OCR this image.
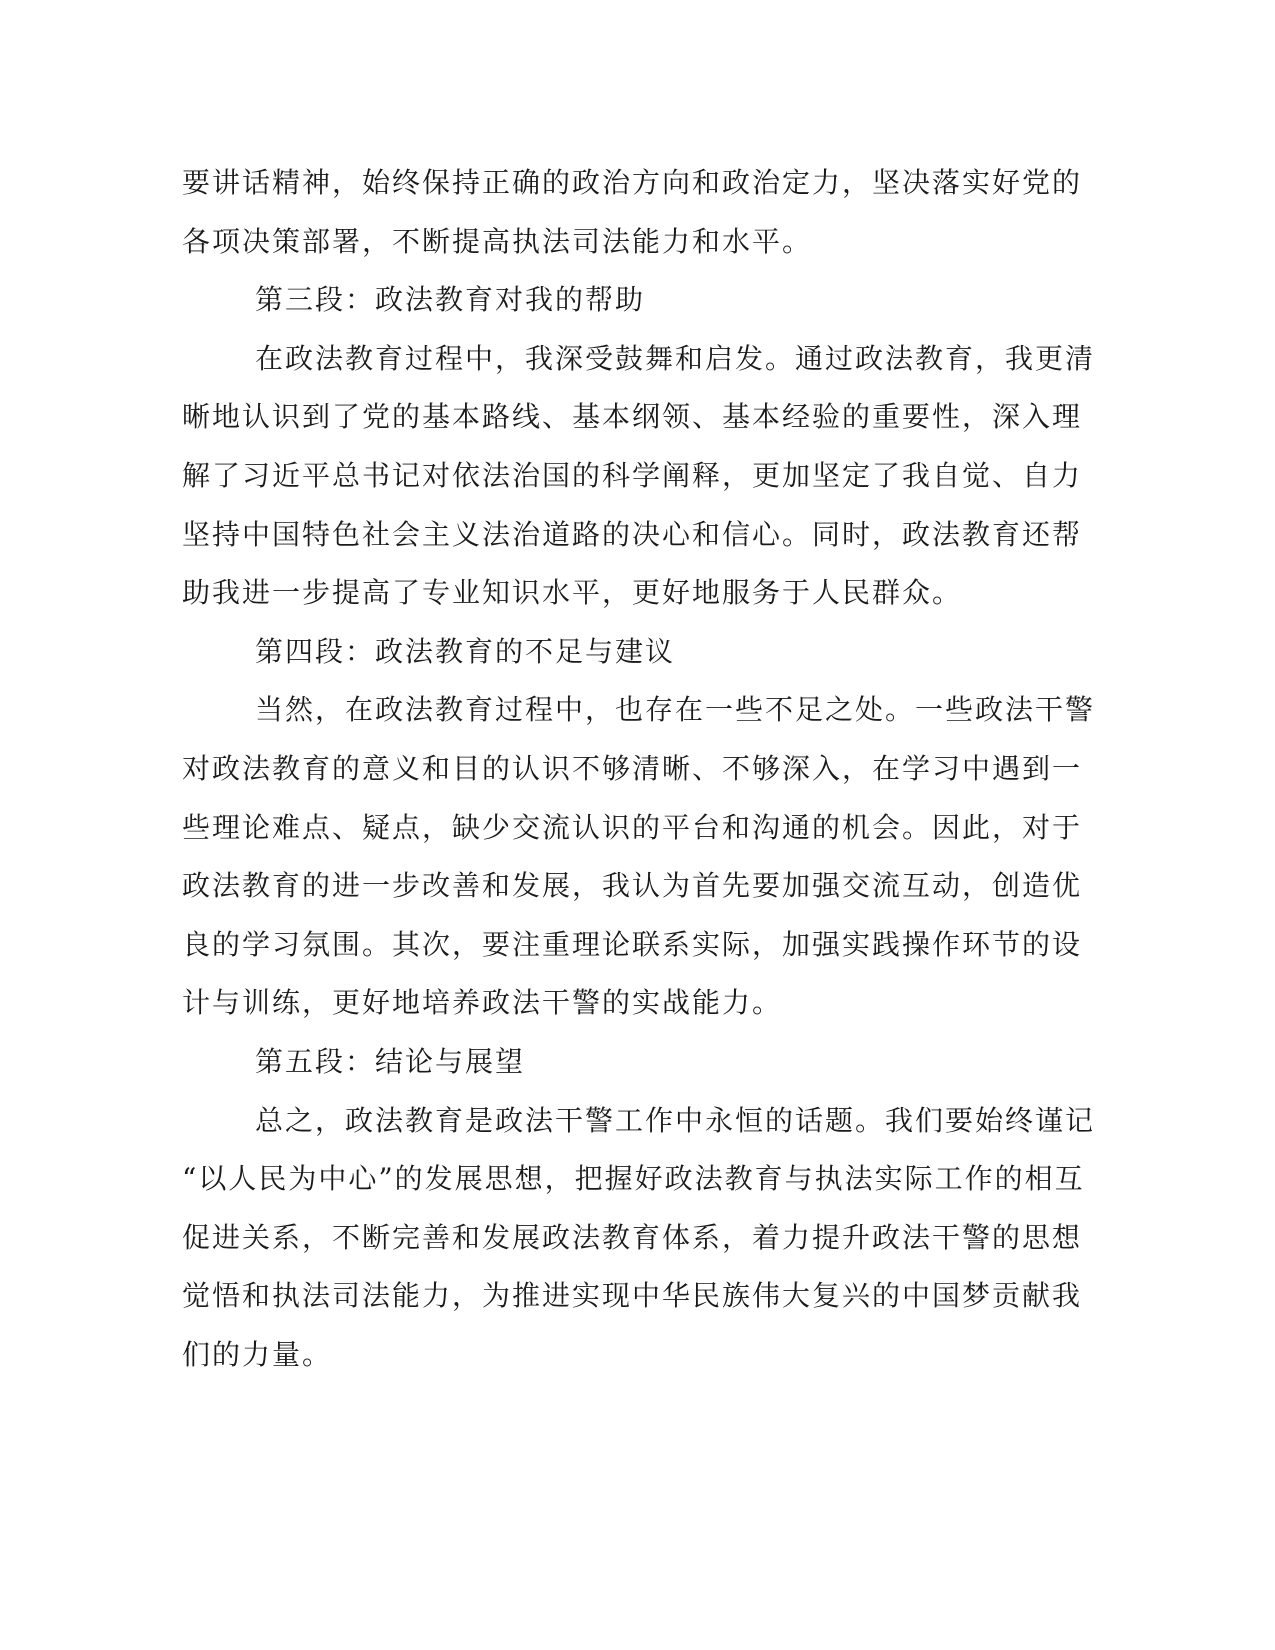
要讲话精神，始终保持正确的政治方向和政治定力，坚决落实好党的
各项决策部署，不断提高执法司法能力和水平。
第三段：政法教育对我的帮助
在政法教育过程中，我深受鼓舞和启发。通过政法教育，我更清
晰地认识到了党的基本路线、基本纲领、基本经验的重要性，深入理
解了习近平总书记对依法治国的科学阐释，更加坚定了我自觉、自力
坚持中国特色社会主义法治道路的决心和信心。同时，政法教育还帮
助我进一步提高了专业知识水平，更好地服务于人民群众。
第四段：政法教育的不足与建议
当然，在政法教育过程中，也存在一些不足之处。一些政法干警
对政法教育的意义和目的认识不够清晰、不够深入，在学习中遇到一
些理论难点、疑点，缺少交流认识的平台和沟通的机会。因此，对于
政法教育的进一步改善和发展，我认为首先要加强交流互动，创造优
良的学习氛围。其次，要注重理论联系实际，加强实践操作环节的设
计与训练，更好地培养政法干警的实战能力。
第五段：结论与展望
总之，政法教育是政法干警工作中永恒的话题。我们要始终谨记
“以人民为中心”的发展思想，把握好政法教育与执法实际工作的相互
促进关系，不断完善和发展政法教育体系，着力提升政法干警的思想
觉悟和执法司法能力，为推进实现中华民族伟大复兴的中国梦贡献我
们的力量。
